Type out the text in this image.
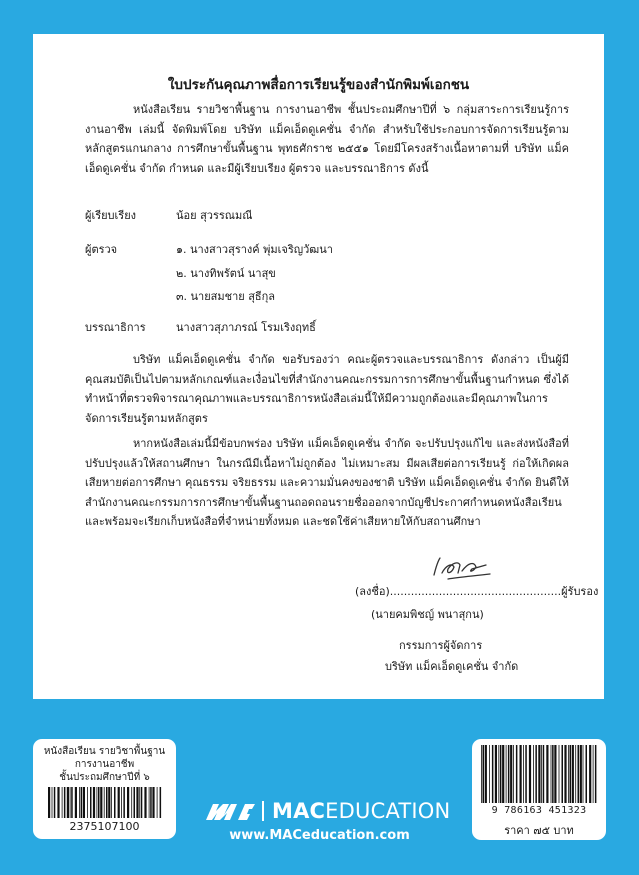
ใบประกันคุณภาพสื่อการเรียนรู้ของสำนักพิมพ์เอกชน

หนังสือเรียน รายวิชาพื้นฐาน การงานอาชีพ ชั้นประถมศึกษาปีที่ ๖ กลุ่มสาระการเรียนรู้การงานอาชีพ เล่มนี้ จัดพิมพ์โดย บริษัท แม็คเอ็ดดูเคชั่น จำกัด สำหรับใช้ประกอบการจัดการเรียนรู้ตามหลักสูตรแกนกลาง การศึกษาขั้นพื้นฐาน พุทธศักราช ๒๕๕๑ โดยมีโครงสร้างเนื้อหาตามที่ บริษัท แม็คเอ็ดดูเคชั่น จำกัด กำหนด และมีผู้เรียบเรียง ผู้ตรวจ และบรรณาธิการ ดังนี้

ผู้เรียบเรียง	น้อย สุวรรณมณี
ผู้ตรวจ	๑. นางสาวสุรางค์ พุ่มเจริญวัฒนา
๒. นางทิพรัตน์ นาสุข
๓. นายสมชาย สุธีกุล
บรรณาธิการ	นางสาวสุภาภรณ์ โรมเริงฤทธิ์

บริษัท แม็คเอ็ดดูเคชั่น จำกัด ขอรับรองว่า คณะผู้ตรวจและบรรณาธิการ ดังกล่าว เป็นผู้มีคุณสมบัติเป็นไปตามหลักเกณฑ์และเงื่อนไขที่สำนักงานคณะกรรมการการศึกษาขั้นพื้นฐานกำหนด ซึ่งได้ทำหน้าที่ตรวจพิจารณาคุณภาพและบรรณาธิการหนังสือเล่มนี้ให้มีความถูกต้องและมีคุณภาพในการจัดการเรียนรู้ตามหลักสูตร

หากหนังสือเล่มนี้มีข้อบกพร่อง บริษัท แม็คเอ็ดดูเคชั่น จำกัด จะปรับปรุงแก้ไข และส่งหนังสือที่ปรับปรุงแล้วให้สถานศึกษา ในกรณีมีเนื้อหาไม่ถูกต้อง ไม่เหมาะสม มีผลเสียต่อการเรียนรู้ ก่อให้เกิดผลเสียหายต่อการศึกษา คุณธรรม จริยธรรม และความมั่นคงของชาติ บริษัท แม็คเอ็ดดูเคชั่น จำกัด ยินดีให้สำนักงานคณะกรรมการการศึกษาขั้นพื้นฐานถอดถอนรายชื่อออกจากบัญชีประกาศกำหนดหนังสือเรียน และพร้อมจะเรียกเก็บหนังสือที่จำหน่ายทั้งหมด และชดใช้ค่าเสียหายให้กับสถานศึกษา

(ลงชื่อ).................................................ผู้รับรอง
(นายคมพิชญ์ พนาสุกน)
กรรมการผู้จัดการ
บริษัท แม็คเอ็ดดูเคชั่น จำกัด
หนังสือเรียน รายวิชาพื้นฐาน
การงานอาชีพ
ชั้นประถมศึกษาปีที่ ๖
2375107100
9 786163 451323
ราคา ๗๕ บาท
MACEDUCATION
www.MACeducation.com
